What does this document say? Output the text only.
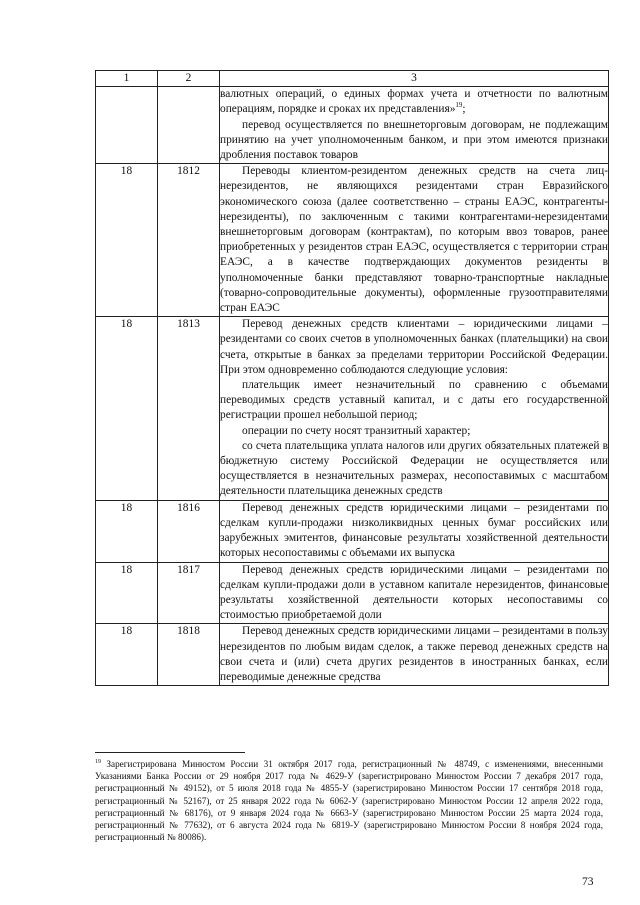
1	2	3

		валютных операций, о единых формах учета и отчетности по валютным операциям, порядке и сроках их представления»$^{19}$;

перевод осуществляется по внешнеторговым договорам, не подлежащим принятию на учет уполномоченным банком, и при этом имеются признаки дробления поставок товаров

18	1812	Переводы клиентом-резидентом денежных средств на счета лиц-нерезидентов, не являющихся резидентами стран Евразийского экономического союза (далее соответственно – страны ЕАЭС, контрагенты-нерезиденты), по заключенным с такими контрагентами-нерезидентами внешнеторговым договорам (контрактам), по которым ввоз товаров, ранее приобретенных у резидентов стран ЕАЭС, осуществляется с территории стран ЕАЭС, а в качестве подтверждающих документов резиденты в уполномоченные банки представляют товарно-транспортные накладные (товарно-сопроводительные документы), оформленные грузоотправителями стран ЕАЭС

18	1813	Перевод денежных средств клиентами – юридическими лицами – резидентами со своих счетов в уполномоченных банках (плательщики) на свои счета, открытые в банках за пределами территории Российской Федерации. При этом одновременно соблюдаются следующие условия:

плательщик имеет незначительный по сравнению с объемами переводимых средств уставный капитал, и с даты его государственной регистрации прошел небольшой период;

операции по счету носят транзитный характер;

со счета плательщика уплата налогов или других обязательных платежей в бюджетную систему Российской Федерации не осуществляется или осуществляется в незначительных размерах, несопоставимых с масштабом деятельности плательщика денежных средств

18	1816	Перевод денежных средств юридическими лицами – резидентами по сделкам купли-продажи низколиквидных ценных бумаг российских или зарубежных эмитентов, финансовые результаты хозяйственной деятельности которых несопоставимы с объемами их выпуска

18	1817	Перевод денежных средств юридическими лицами – резидентами по сделкам купли-продажи доли в уставном капитале нерезидентов, финансовые результаты хозяйственной деятельности которых несопоставимы со стоимостью приобретаемой доли

18	1818	Перевод денежных средств юридическими лицами – резидентами в пользу нерезидентов по любым видам сделок, а также перевод денежных средств на свои счета и (или) счета других резидентов в иностранных банках, если переводимые денежные средства

$^{19}$ Зарегистрирована Минюстом России 31 октября 2017 года, регистрационный № 48749, с изменениями, внесенными Указаниями Банка России от 29 ноября 2017 года № 4629-У (зарегистрировано Минюстом России 7 декабря 2017 года, регистрационный № 49152), от 5 июля 2018 года № 4855-У (зарегистрировано Минюстом России 17 сентября 2018 года, регистрационный № 52167), от 25 января 2022 года № 6062-У (зарегистрировано Минюстом России 12 апреля 2022 года, регистрационный № 68176), от 9 января 2024 года № 6663-У (зарегистрировано Минюстом России 25 марта 2024 года, регистрационный № 77632), от 6 августа 2024 года № 6819-У (зарегистрировано Минюстом России 8 ноября 2024 года, регистрационный № 80086).
73
